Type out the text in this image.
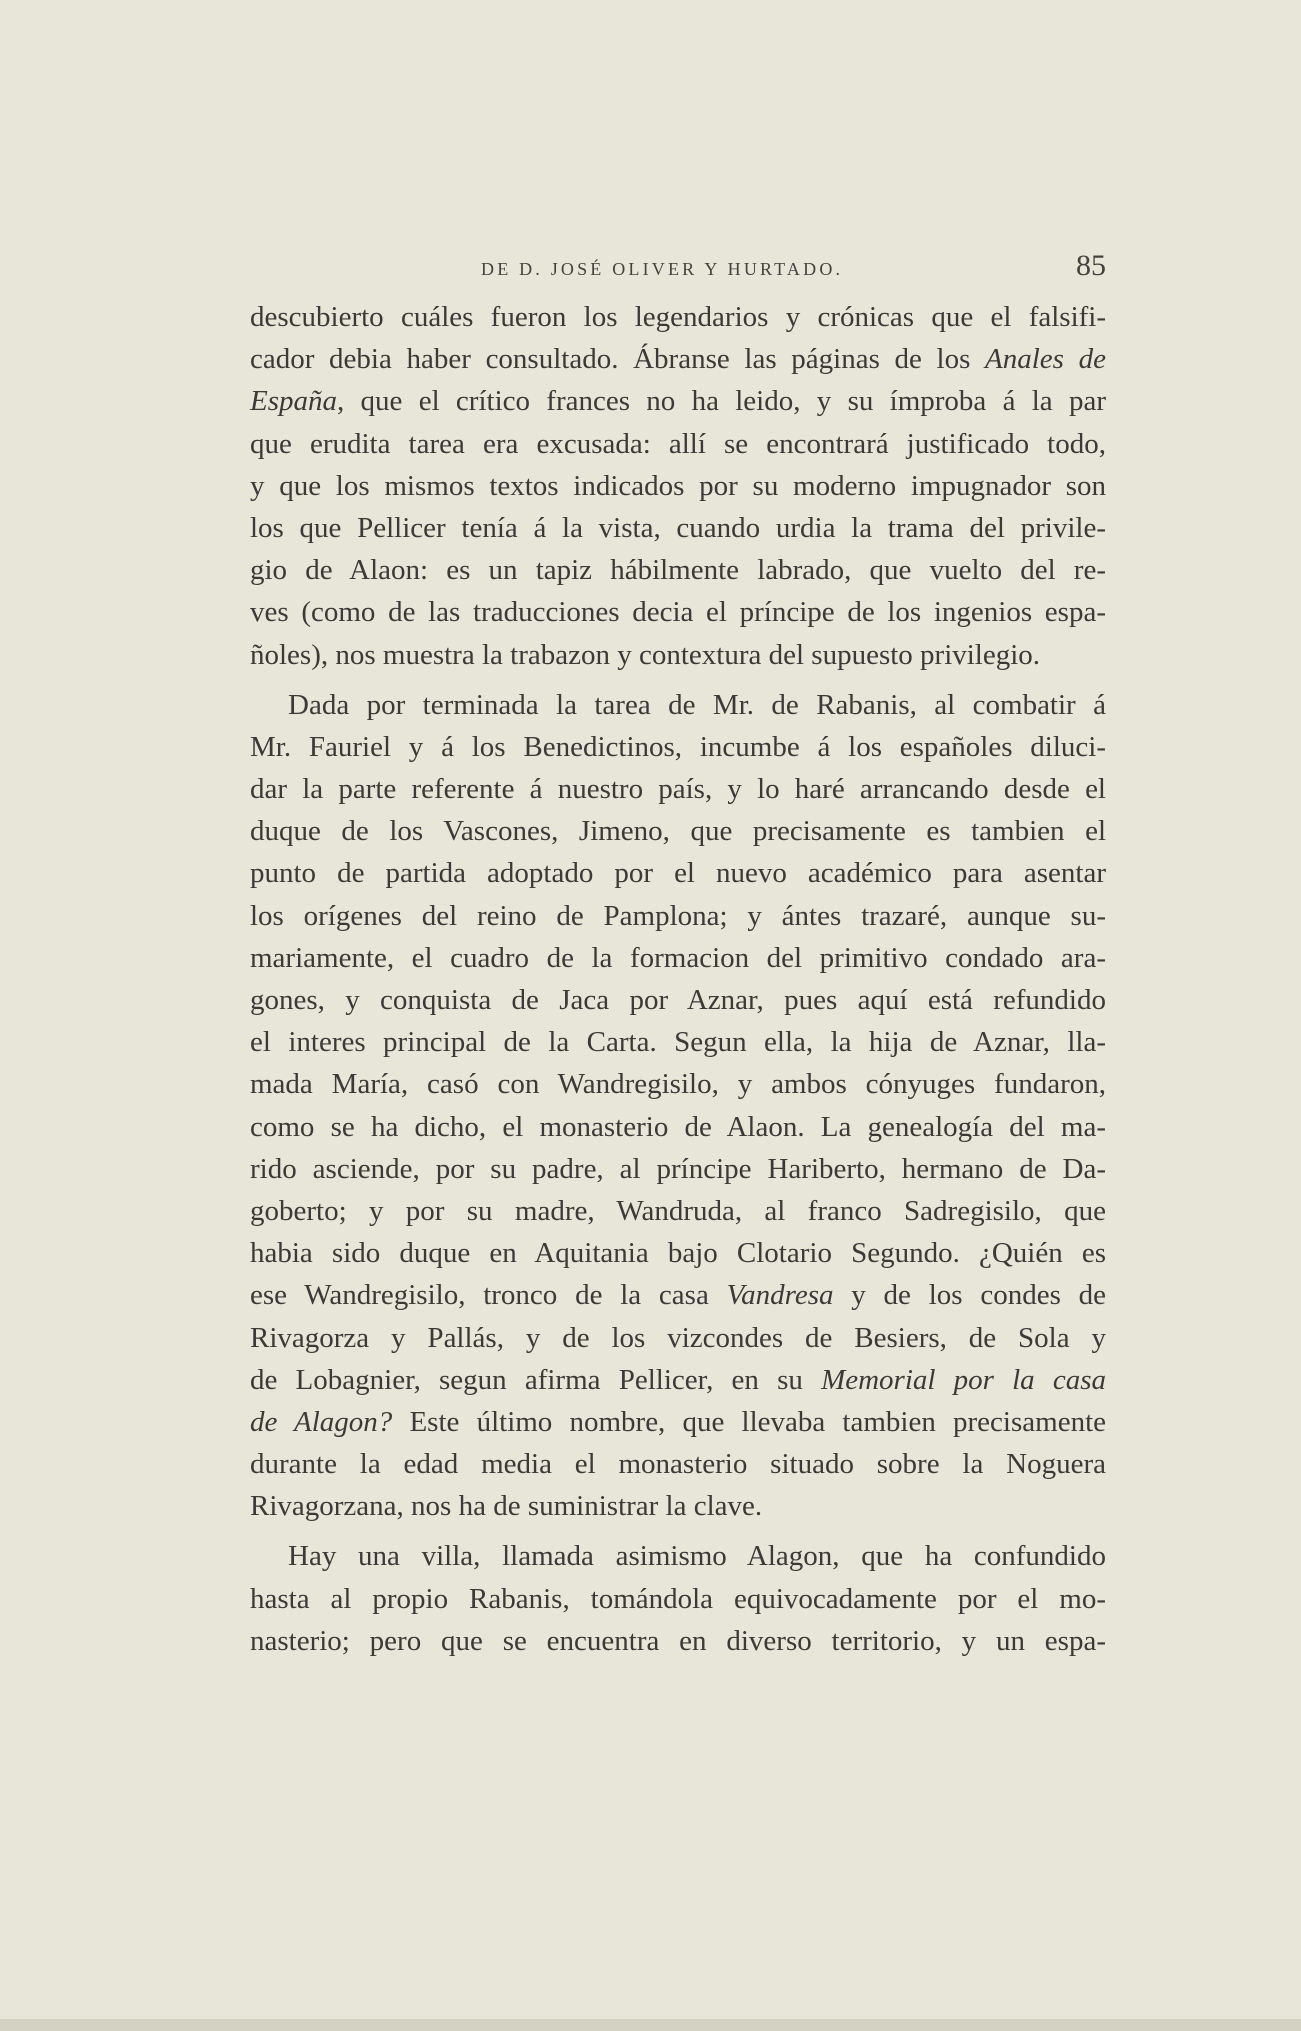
DE D. JOSÉ OLIVER Y HURTADO.	85
descubierto cuáles fueron los legendarios y crónicas que el falsifi-
cador debia haber consultado. Ábranse las páginas de los Anales de
España, que el crítico frances no ha leido, y su ímproba á la par
que erudita tarea era excusada: allí se encontrará justificado todo,
y que los mismos textos indicados por su moderno impugnador son
los que Pellicer tenía á la vista, cuando urdia la trama del privile-
gio de Alaon: es un tapiz hábilmente labrado, que vuelto del re-
ves (como de las traducciones decia el príncipe de los ingenios espa-
ñoles), nos muestra la trabazon y contextura del supuesto privilegio.
Dada por terminada la tarea de Mr. de Rabanis, al combatir á
Mr. Fauriel y á los Benedictinos, incumbe á los españoles diluci-
dar la parte referente á nuestro país, y lo haré arrancando desde el
duque de los Vascones, Jimeno, que precisamente es tambien el
punto de partida adoptado por el nuevo académico para asentar
los orígenes del reino de Pamplona; y ántes trazaré, aunque su-
mariamente, el cuadro de la formacion del primitivo condado ara-
gones, y conquista de Jaca por Aznar, pues aquí está refundido
el interes principal de la Carta. Segun ella, la hija de Aznar, lla-
mada María, casó con Wandregisilo, y ambos cónyuges fundaron,
como se ha dicho, el monasterio de Alaon. La genealogía del ma-
rido asciende, por su padre, al príncipe Hariberto, hermano de Da-
goberto; y por su madre, Wandruda, al franco Sadregisilo, que
habia sido duque en Aquitania bajo Clotario Segundo. ¿Quién es
ese Wandregisilo, tronco de la casa Vandresa y de los condes de
Rivagorza y Pallás, y de los vizcondes de Besiers, de Sola y
de Lobagnier, segun afirma Pellicer, en su Memorial por la casa
de Alagon? Este último nombre, que llevaba tambien precisamente
durante la edad media el monasterio situado sobre la Noguera
Rivagorzana, nos ha de suministrar la clave.
Hay una villa, llamada asimismo Alagon, que ha confundido
hasta al propio Rabanis, tomándola equivocadamente por el mo-
nasterio; pero que se encuentra en diverso territorio, y un espa-
